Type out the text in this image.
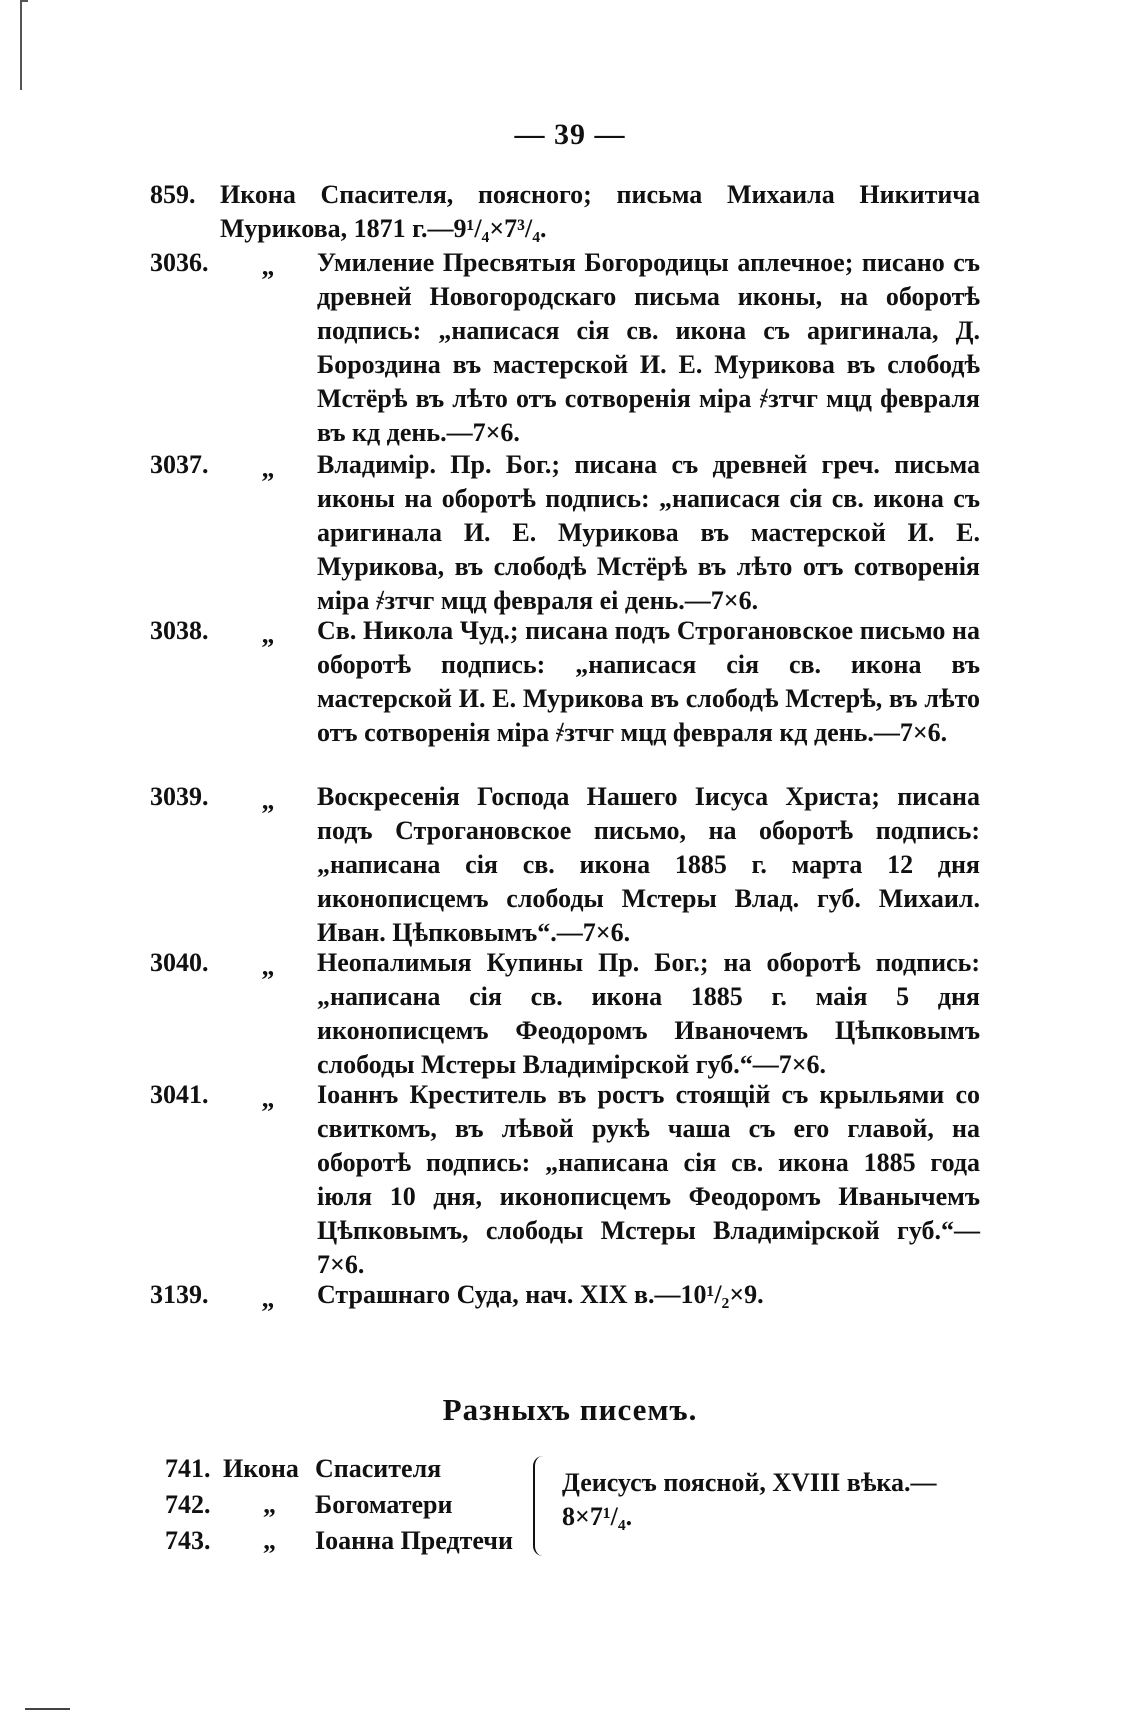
— 39 —
859. Икона Спасителя, поясного; письма Михаила Никитича Мурикова, 1871 г.—9¹/₄×7³/₄.
3036.	„	Умиление Пресвятыя Богородицы аплечное; писано съ древней Новогородскаго письма иконы, на оборотѣ подпись: „написася сія св. икона съ аригинала, Д. Бороздина въ мастерской И. Е. Мурикова въ слободѣ Мстёрѣ въ лѣто отъ сотворенія міра ҂зтчг мцд февраля въ кд день.—7×6.
3037.	„	Владимір. Пр. Бог.; писана съ древней греч. письма иконы на оборотѣ подпись: „написася сія св. икона съ аригинала И. Е. Мурикова въ мастерской И. Е. Мурикова, въ слободѣ Мстёрѣ въ лѣто отъ сотворенія міра ҂зтчг мцд февраля еі день.—7×6.
3038.	„	Св. Никола Чуд.; писана подъ Строгановское письмо на оборотѣ подпись: „написася сія св. икона въ мастерской И. Е. Мурикова въ слободѣ Мстерѣ, въ лѣто отъ сотворенія міра ҂зтчг мцд февраля кд день.—7×6.
3039.	„	Воскресенія Господа Нашего Іисуса Христа; писана подъ Строгановское письмо, на оборотѣ подпись: „написана сія св. икона 1885 г. марта 12 дня иконописцемъ слободы Мстеры Влад. губ. Михаил. Иван. Цѣпковымъ“.—7×6.
3040.	„	Неопалимыя Купины Пр. Бог.; на оборотѣ подпись: „написана сія св. икона 1885 г. маія 5 дня иконописцемъ Феодоромъ Иваночемъ Цѣпковымъ слободы Мстеры Владимірской губ.“—7×6.
3041.	„	Іоаннъ Креститель въ ростъ стоящій съ крыльями со свиткомъ, въ лѣвой рукѣ чаша съ его главой, на оборотѣ подпись: „написана сія св. икона 1885 года іюля 10 дня, иконописцемъ Феодоромъ Иванычемъ Цѣпковымъ, слободы Мстеры Владимірской губ.“—7×6.
3139.	„	Страшнаго Суда, нач. XIX в.—10¹/₂×9.
Разныхъ писемъ.
741. Икона Спасителя
742.	„ Богоматери
743.	„ Іоанна Предтечи
Деисусъ поясной, XVIII вѣка.— 8×7¹/₄.
